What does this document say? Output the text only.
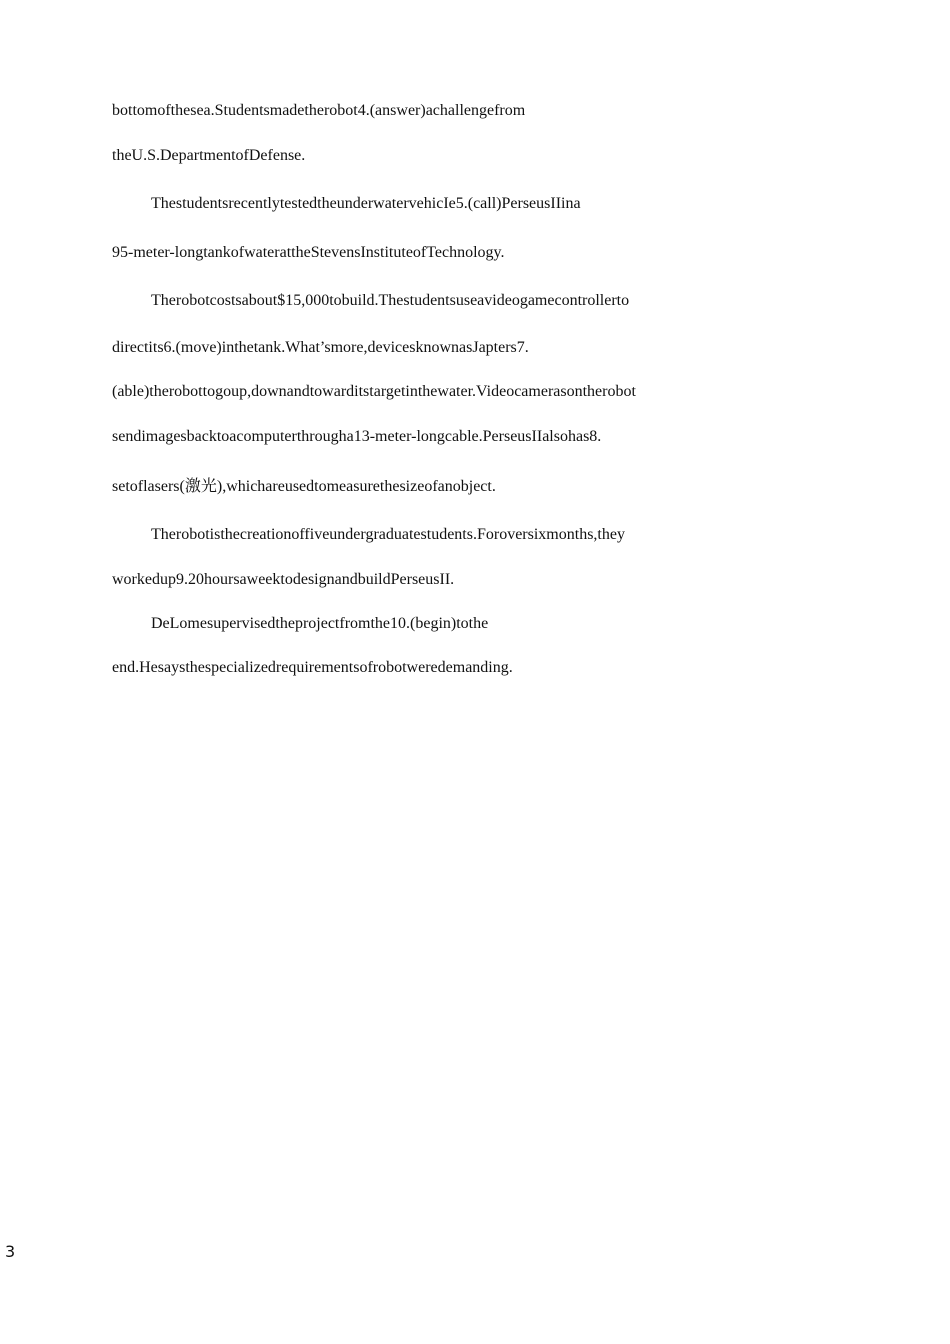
bottomofthesea.Studentsmadetherobot4.(answer)achallengefrom
theU.S.DepartmentofDefense.
ThestudentsrecentlytestedtheunderwatervehicIe5.(call)PerseusIIina
95-meter-longtankofwaterattheStevensInstituteofTechnology.
Therobotcostsabout$15,000tobuild.Thestudentsuseavideogamecontrollerto
directits6.(move)inthetank.What’smore,devicesknownasJapters7.
(able)therobottogoup,downandtowarditstargetinthewater.Videocamerasontherobot
sendimagesbacktoacomputerthrougha13-meter-longcable.PerseusIIalsohas8.
setoflasers(激光),whichareusedtomeasurethesizeofanobject.
Therobotisthecreationoffiveundergraduatestudents.Foroversixmonths,they
workedup9.20hoursaweektodesignandbuildPerseusII.
DeLomesupervisedtheprojectfromthe10.(begin)tothe
end.Hesaysthespecializedrequirementsofrobotweredemanding.
3
